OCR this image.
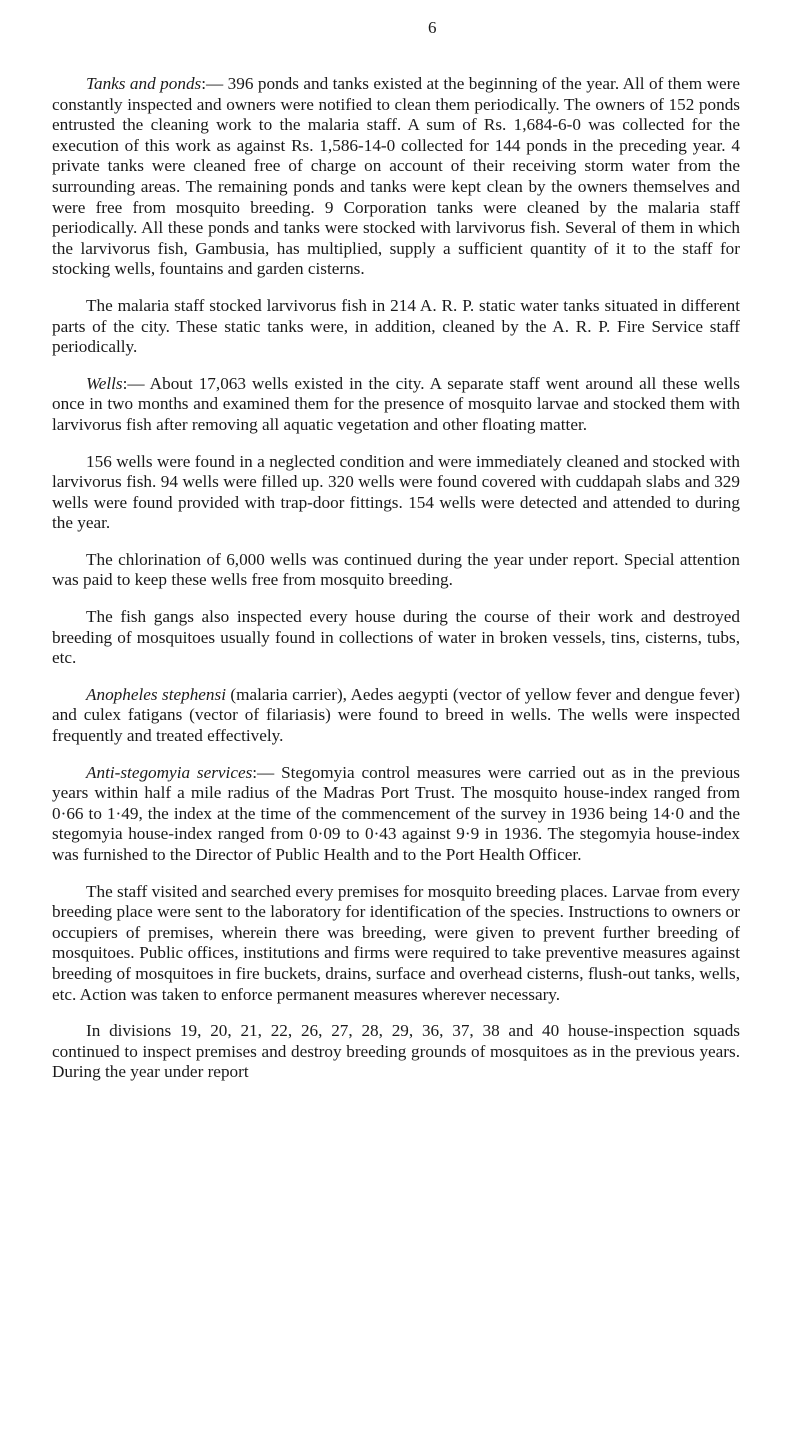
6

Tanks and ponds:— 396 ponds and tanks existed at the beginning of the year. All of them were constantly inspected and owners were notified to clean them periodically. The owners of 152 ponds entrusted the cleaning work to the malaria staff. A sum of Rs. 1,684-6-0 was collected for the execution of this work as against Rs. 1,586-14-0 collected for 144 ponds in the preceding year. 4 private tanks were cleaned free of charge on account of their receiving storm water from the surrounding areas. The remaining ponds and tanks were kept clean by the owners themselves and were free from mosquito breeding. 9 Corporation tanks were cleaned by the malaria staff periodically. All these ponds and tanks were stocked with larvivorus fish. Several of them in which the larvivorus fish, Gambusia, has multiplied, supply a sufficient quantity of it to the staff for stocking wells, fountains and garden cisterns.

The malaria staff stocked larvivorus fish in 214 A. R. P. static water tanks situated in different parts of the city. These static tanks were, in addition, cleaned by the A. R. P. Fire Service staff periodically.

Wells:— About 17,063 wells existed in the city. A separate staff went around all these wells once in two months and examined them for the presence of mosquito larvae and stocked them with larvivorus fish after removing all aquatic vegetation and other floating matter.

156 wells were found in a neglected condition and were immediately cleaned and stocked with larvivorus fish. 94 wells were filled up. 320 wells were found covered with cuddapah slabs and 329 wells were found provided with trap-door fittings. 154 wells were detected and attended to during the year.

The chlorination of 6,000 wells was continued during the year under report. Special attention was paid to keep these wells free from mosquito breeding.

The fish gangs also inspected every house during the course of their work and destroyed breeding of mosquitoes usually found in collections of water in broken vessels, tins, cisterns, tubs, etc.

Anopheles stephensi (malaria carrier), Aedes aegypti (vector of yellow fever and dengue fever) and culex fatigans (vector of filariasis) were found to breed in wells. The wells were inspected frequently and treated effectively.

Anti-stegomyia services:— Stegomyia control measures were carried out as in the previous years within half a mile radius of the Madras Port Trust. The mosquito house-index ranged from 0·66 to 1·49, the index at the time of the commencement of the survey in 1936 being 14·0 and the stegomyia house-index ranged from 0·09 to 0·43 against 9·9 in 1936. The stegomyia house-index was furnished to the Director of Public Health and to the Port Health Officer.

The staff visited and searched every premises for mosquito breeding places. Larvae from every breeding place were sent to the laboratory for identification of the species. Instructions to owners or occupiers of premises, wherein there was breeding, were given to prevent further breeding of mosquitoes. Public offices, institutions and firms were required to take preventive measures against breeding of mosquitoes in fire buckets, drains, surface and overhead cisterns, flush-out tanks, wells, etc. Action was taken to enforce permanent measures wherever necessary.

In divisions 19, 20, 21, 22, 26, 27, 28, 29, 36, 37, 38 and 40 house-inspection squads continued to inspect premises and destroy breeding grounds of mosquitoes as in the previous years. During the year under report
